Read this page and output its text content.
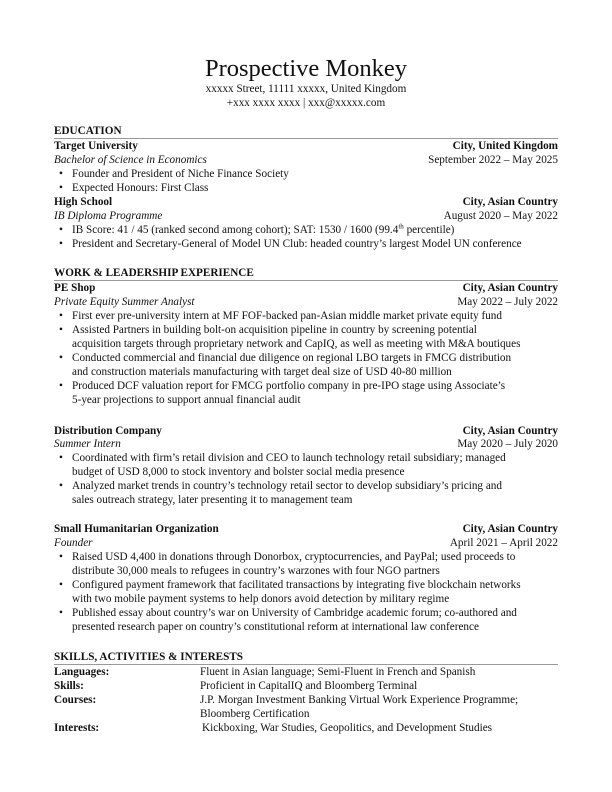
Prospective Monkey
xxxxx Street, 11111 xxxxx, United Kingdom
+xxx xxxx xxxx | xxx@xxxxx.com
EDUCATION
Target University	City, United Kingdom
Bachelor of Science in Economics	September 2022 – May 2025
• Founder and President of Niche Finance Society
• Expected Honours: First Class
High School	City, Asian Country
IB Diploma Programme	August 2020 – May 2022
• IB Score: 41 / 45 (ranked second among cohort); SAT: 1530 / 1600 (99.4th percentile)
• President and Secretary-General of Model UN Club: headed country’s largest Model UN conference
WORK & LEADERSHIP EXPERIENCE
PE Shop	City, Asian Country
Private Equity Summer Analyst	May 2022 – July 2022
• First ever pre-university intern at MF FOF-backed pan-Asian middle market private equity fund
• Assisted Partners in building bolt-on acquisition pipeline in country by screening potential
acquisition targets through proprietary network and CapIQ, as well as meeting with M&A boutiques
• Conducted commercial and financial due diligence on regional LBO targets in FMCG distribution
and construction materials manufacturing with target deal size of USD 40-80 million
• Produced DCF valuation report for FMCG portfolio company in pre-IPO stage using Associate’s
5-year projections to support annual financial audit
Distribution Company	City, Asian Country
Summer Intern	May 2020 – July 2020
• Coordinated with firm’s retail division and CEO to launch technology retail subsidiary; managed
budget of USD 8,000 to stock inventory and bolster social media presence
• Analyzed market trends in country’s technology retail sector to develop subsidiary’s pricing and
sales outreach strategy, later presenting it to management team
Small Humanitarian Organization	City, Asian Country
Founder	April 2021 – April 2022
• Raised USD 4,400 in donations through Donorbox, cryptocurrencies, and PayPal; used proceeds to
distribute 30,000 meals to refugees in country’s warzones with four NGO partners
• Configured payment framework that facilitated transactions by integrating five blockchain networks
with two mobile payment systems to help donors avoid detection by military regime
• Published essay about country’s war on University of Cambridge academic forum; co-authored and
presented research paper on country’s constitutional reform at international law conference
SKILLS, ACTIVITIES & INTERESTS
Languages:	Fluent in Asian language; Semi-Fluent in French and Spanish
Skills:	Proficient in CapitalIQ and Bloomberg Terminal
Courses:	J.P. Morgan Investment Banking Virtual Work Experience Programme;
Bloomberg Certification
Interests:	Kickboxing, War Studies, Geopolitics, and Development Studies
